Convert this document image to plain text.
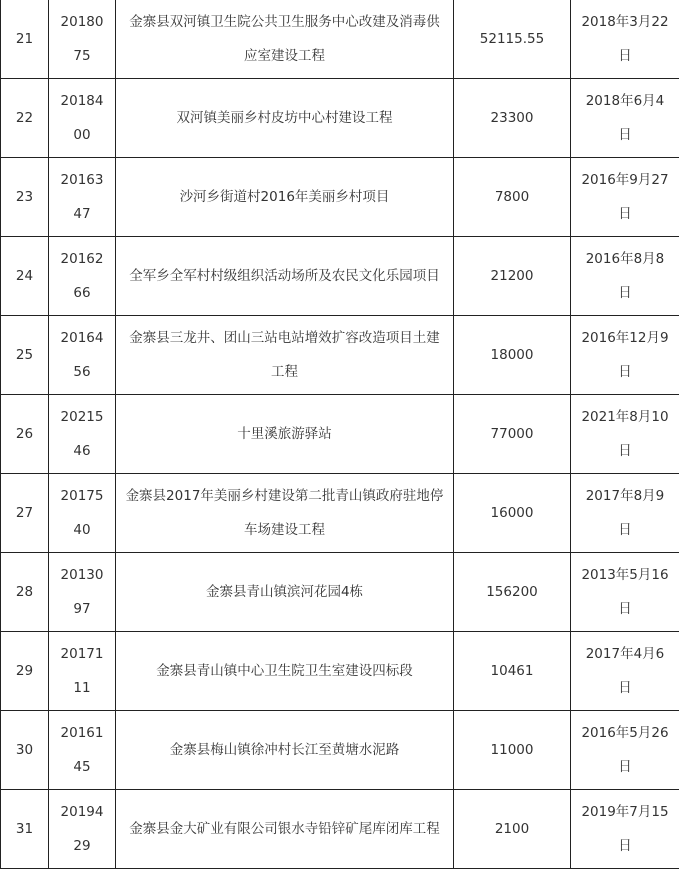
21	2018075	金寨县双河镇卫生院公共卫生服务中心改建及消毒供应室建设工程	52115.55	2018年3月22日
22	2018400	双河镇美丽乡村皮坊中心村建设工程	23300	2018年6月4日
23	2016347	沙河乡街道村2016年美丽乡村项目	7800	2016年9月27日
24	2016266	全军乡全军村村级组织活动场所及农民文化乐园项目	21200	2016年8月8日
25	2016456	金寨县三龙井、团山三站电站增效扩容改造项目土建工程	18000	2016年12月9日
26	2021546	十里溪旅游驿站	77000	2021年8月10日
27	2017540	金寨县2017年美丽乡村建设第二批青山镇政府驻地停车场建设工程	16000	2017年8月9日
28	2013097	金寨县青山镇滨河花园4栋	156200	2013年5月16日
29	2017111	金寨县青山镇中心卫生院卫生室建设四标段	10461	2017年4月6日
30	2016145	金寨县梅山镇徐冲村长江至黄塘水泥路	11000	2016年5月26日
31	2019429	金寨县金大矿业有限公司银水寺铅锌矿尾库闭库工程	2100	2019年7月15日
